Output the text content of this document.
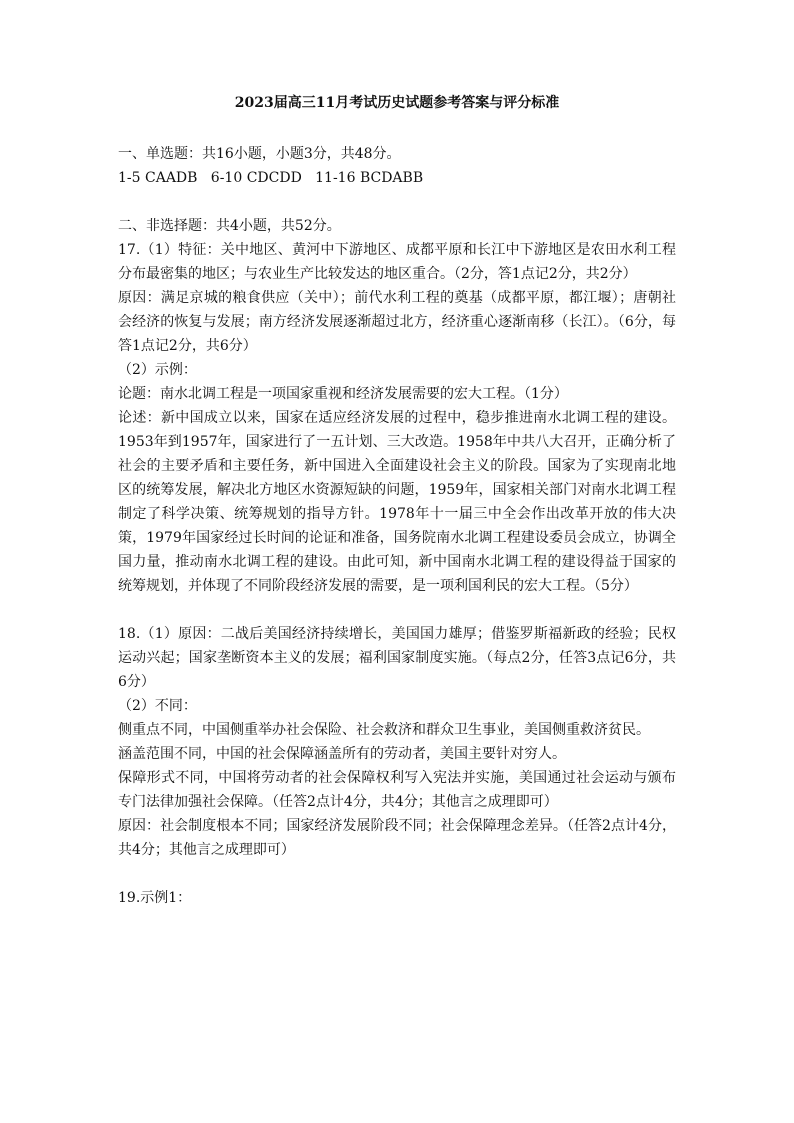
2023届高三11月考试历史试题参考答案与评分标准

一、单选题：共16小题，小题3分，共48分。

1-5 CAADB   6-10 CDCDD   11-16 BCDABB

二、非选择题：共4小题，共52分。

17.（1）特征：关中地区、黄河中下游地区、成都平原和长江中下游地区是农田水利工程分布最密集的地区；与农业生产比较发达的地区重合。（2分，答1点记2分，共2分）

原因：满足京城的粮食供应（关中）；前代水利工程的奠基（成都平原，都江堰）；唐朝社会经济的恢复与发展；南方经济发展逐渐超过北方，经济重心逐渐南移（长江）。（6分，每答1点记2分，共6分）

（2）示例：

论题：南水北调工程是一项国家重视和经济发展需要的宏大工程。（1分）

论述：新中国成立以来，国家在适应经济发展的过程中，稳步推进南水北调工程的建设。1953年到1957年，国家进行了一五计划、三大改造。1958年中共八大召开，正确分析了社会的主要矛盾和主要任务，新中国进入全面建设社会主义的阶段。国家为了实现南北地区的统筹发展，解决北方地区水资源短缺的问题，1959年，国家相关部门对南水北调工程制定了科学决策、统筹规划的指导方针。1978年十一届三中全会作出改革开放的伟大决策，1979年国家经过长时间的论证和准备，国务院南水北调工程建设委员会成立，协调全国力量，推动南水北调工程的建设。由此可知，新中国南水北调工程的建设得益于国家的统筹规划，并体现了不同阶段经济发展的需要，是一项利国利民的宏大工程。（5分）

18.（1）原因：二战后美国经济持续增长，美国国力雄厚；借鉴罗斯福新政的经验；民权运动兴起；国家垄断资本主义的发展；福利国家制度实施。（每点2分，任答3点记6分，共6分）

（2）不同：

侧重点不同，中国侧重举办社会保险、社会救济和群众卫生事业，美国侧重救济贫民。

涵盖范围不同，中国的社会保障涵盖所有的劳动者，美国主要针对穷人。

保障形式不同，中国将劳动者的社会保障权利写入宪法并实施，美国通过社会运动与颁布专门法律加强社会保障。（任答2点计4分，共4分；其他言之成理即可）

原因：社会制度根本不同；国家经济发展阶段不同；社会保障理念差异。（任答2点计4分，共4分；其他言之成理即可）

19.示例1：
